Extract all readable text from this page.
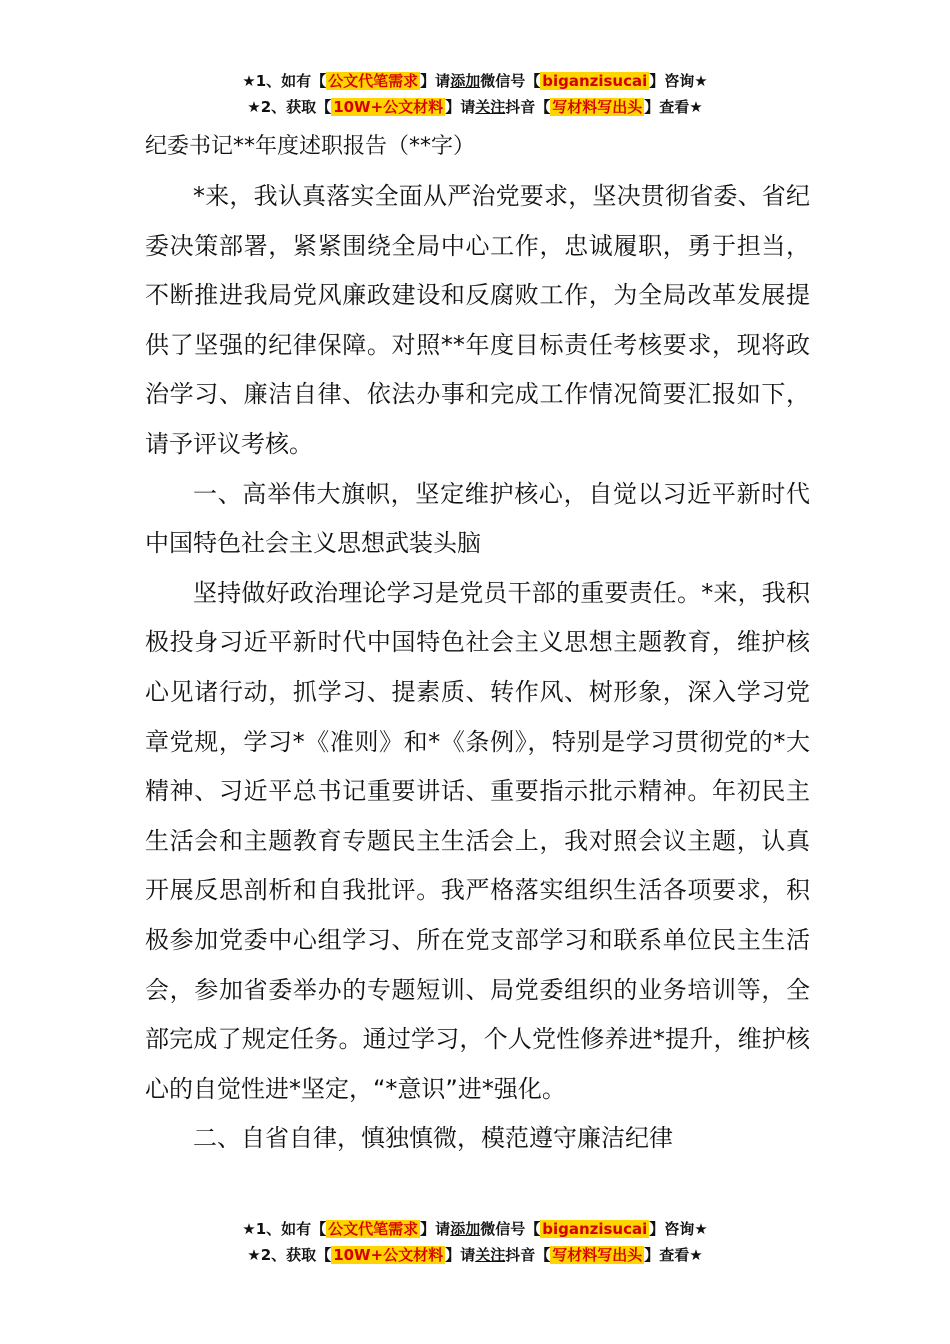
★1、如有【 公文代笔需求 】请添加微信号【 biganzisucai 】咨询★
★2、获取【 10W+公文材料 】请关注抖音【 写材料写出头 】查看★
纪委书记**年度述职报告（**字）

*来，我认真落实全面从严治党要求，坚决贯彻省委、省纪委决策部署，紧紧围绕全局中心工作，忠诚履职，勇于担当，不断推进我局党风廉政建设和反腐败工作，为全局改革发展提供了坚强的纪律保障。对照**年度目标责任考核要求，现将政治学习、廉洁自律、依法办事和完成工作情况简要汇报如下，请予评议考核。

一、高举伟大旗帜，坚定维护核心，自觉以习近平新时代中国特色社会主义思想武装头脑

坚持做好政治理论学习是党员干部的重要责任。*来，我积极投身习近平新时代中国特色社会主义思想主题教育，维护核心见诸行动，抓学习、提素质、转作风、树形象，深入学习党章党规，学习*《准则》和*《条例》，特别是学习贯彻党的*大精神、习近平总书记重要讲话、重要指示批示精神。年初民主生活会和主题教育专题民主生活会上，我对照会议主题，认真开展反思剖析和自我批评。我严格落实组织生活各项要求，积极参加党委中心组学习、所在党支部学习和联系单位民主生活会，参加省委举办的专题短训、局党委组织的业务培训等，全部完成了规定任务。通过学习，个人党性修养进*提升，维护核心的自觉性进*坚定，“*意识”进*强化。

二、自省自律，慎独慎微，模范遵守廉洁纪律

★1、如有【 公文代笔需求 】请添加微信号【 biganzisucai 】咨询★
★2、获取【 10W+公文材料 】请关注抖音【 写材料写出头 】查看★
